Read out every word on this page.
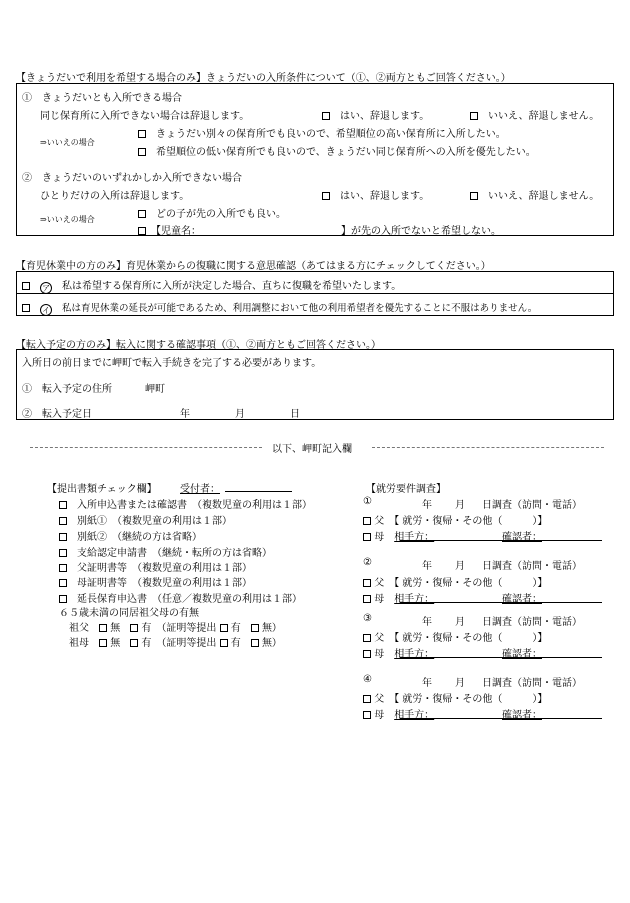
【きょうだいで利用を希望する場合のみ】きょうだいの入所条件について（①、②両方ともご回答ください。）
①　きょうだいとも入所できる場合
同じ保育所に入所できない場合は辞退します。
　	はい、辞退します。
　	いいえ、辞退しません。
⇒いいえの場合
　きょうだい別々の保育所でも良いので、希望順位の高い保育所に入所したい。
　希望順位の低い保育所でも良いので、きょうだい同じ保育所への入所を優先したい。
②　きょうだいのいずれかしか入所できない場合
ひとりだけの入所は辞退します。
　	はい、辞退します。
　	いいえ、辞退しません。
⇒いいえの場合
　	どの子が先の入所でも良い。
　【児童名：	】が先の入所でないと希望しない。
【育児休業中の方のみ】育児休業からの復職に関する意思確認（あてはまる方にチェックしてください。）
　ア　 私は希望する保育所に入所が決定した場合、直ちに復職を希望いたします。
　イ　 私は育児休業の延長が可能であるため、利用調整において他の利用希望者を優先することに不服はありません。
【転入予定の方のみ】転入に関する確認事項（①、②両方ともご回答ください。）
入所日の前日までに岬町で転入手続きを完了する必要があります。
①　転入予定の住所	岬町
②　転入予定日	年	月	日
以下、岬町記入欄
【提出書類チェック欄】 受付者：
　入所申込書または確認書　（複数児童の利用は１部）
　別紙①　（複数児童の利用は１部）
　別紙②　（継続の方は省略）
　支給認定申請書　（継続・転所の方は省略）
　父証明書等　（複数児童の利用は１部）
　母証明書等　（複数児童の利用は１部）
　延長保育申込書　（任意／複数児童の利用は１部）
６５歳未満の同居祖父母の有無
祖父　 無　 有　 （証明等提出 有　 無）
祖母　 無　 有　 （証明等提出 有　 無）
【就労要件調査】
①	年 月 日調査（訪問・電話）
父　 【 就労・復帰・その他（　　　）】
母　 相手方：	確認者：
②	年 月 日調査（訪問・電話）
父　 【 就労・復帰・その他（　　　）】
母　 相手方：	確認者：
③	年 月 日調査（訪問・電話）
父　 【 就労・復帰・その他（　　　）】
母　 相手方：	確認者：
④	年 月 日調査（訪問・電話）
父　 【 就労・復帰・その他（　　　）】
母　 相手方：	確認者：
